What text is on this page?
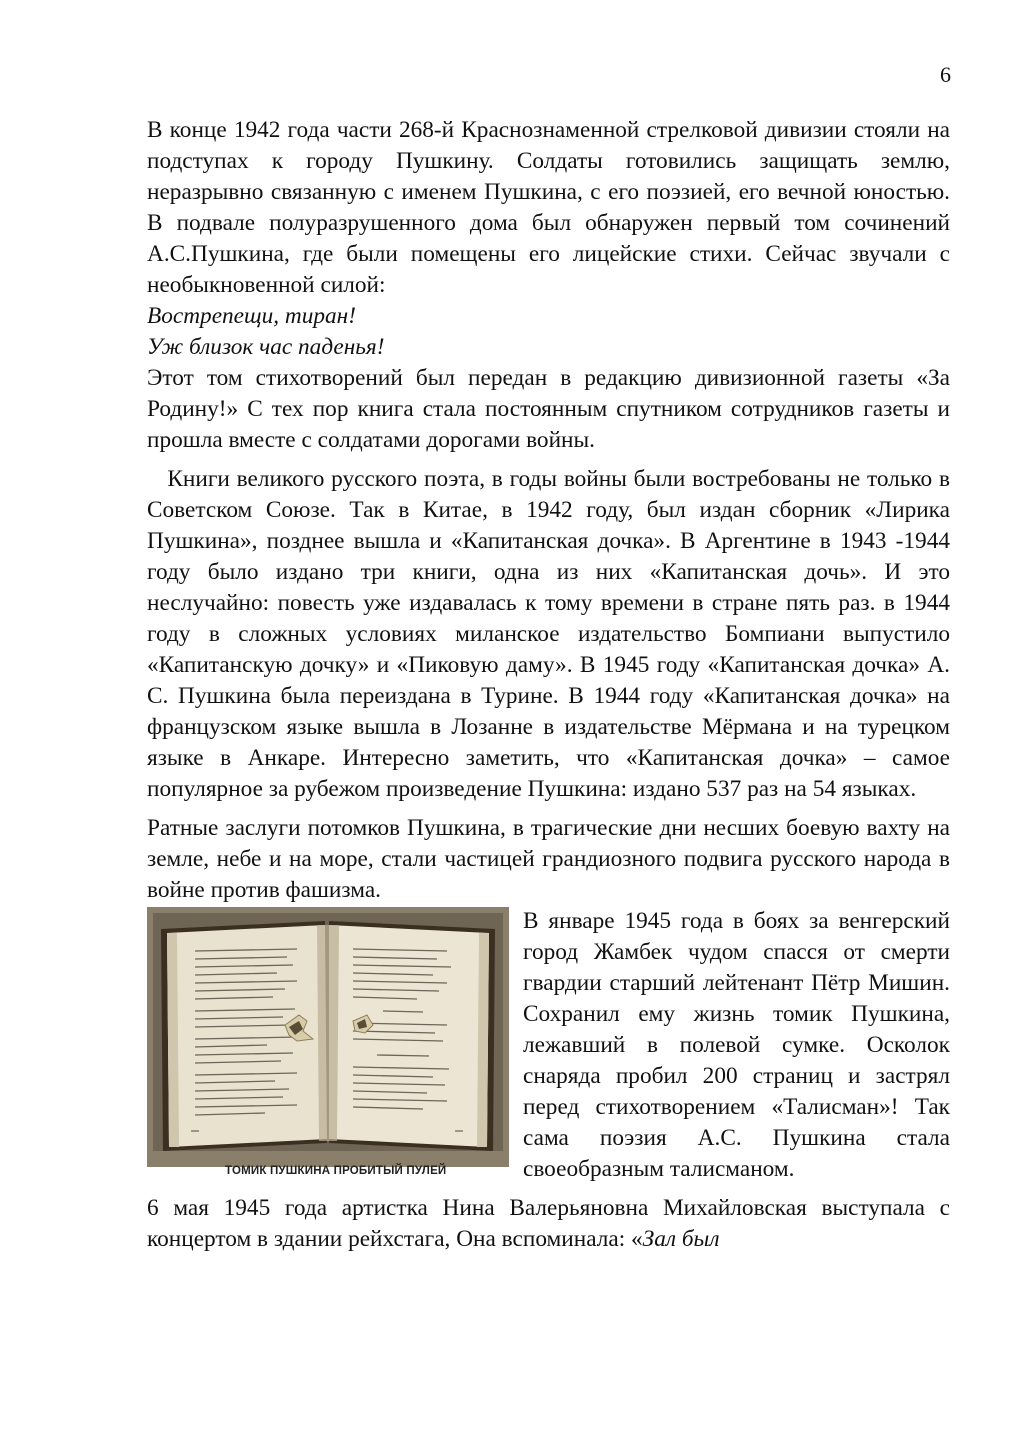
6

В конце 1942 года части 268-й Краснознаменной стрелковой дивизии стояли на подступах к городу Пушкину. Солдаты готовились защищать землю, неразрывно связанную с именем Пушкина, с его поэзией, его вечной юностью. В подвале полуразрушенного дома был обнаружен первый том сочинений А.С.Пушкина, где были помещены его лицейские стихи. Сейчас звучали с необыкновенной силой:

Вострепещи, тиран!

Уж близок час паденья!

Этот том стихотворений был передан в редакцию дивизионной газеты «За Родину!» С тех пор книга стала постоянным спутником сотрудников газеты и прошла вместе с солдатами дорогами войны.

Книги великого русского поэта, в годы войны были востребованы не только в Советском Союзе. Так в Китае, в 1942 году, был издан сборник «Лирика Пушкина», позднее вышла и «Капитанская дочка». В Аргентине в 1943 -1944 году было издано три книги, одна из них «Капитанская дочь». И это неслучайно: повесть уже издавалась к тому времени в стране пять раз. в 1944 году в сложных условиях миланское издательство Бомпиани выпустило «Капитанскую дочку» и «Пиковую даму». В 1945 году «Капитанская дочка» А. С. Пушкина была переиздана в Турине. В 1944 году «Капитанская дочка» на французском языке вышла в Лозанне в издательстве Мёрмана и на турецком языке в Анкаре. Интересно заметить, что «Капитанская дочка» – самое популярное за рубежом произведение Пушкина: издано 537 раз на 54 языках.

Ратные заслуги потомков Пушкина, в трагические дни несших боевую вахту на земле, небе и на море, стали частицей грандиозного подвига русского народа в войне против фашизма.

ТОМИК ПУШКИНА ПРОБИТЫЙ ПУЛЕЙ

В январе 1945 года в боях за венгерский город Жамбек чудом спасся от смерти гвардии старший лейтенант Пётр Мишин. Сохранил ему жизнь томик Пушкина, лежавший в полевой сумке. Осколок снаряда пробил 200 страниц и застрял перед стихотворением «Талисман»! Так сама поэзия А.С. Пушкина стала своеобразным талисманом.

6 мая 1945 года артистка Нина Валерьяновна Михайловская выступала с концертом в здании рейхстага, Она вспоминала: «Зал был
